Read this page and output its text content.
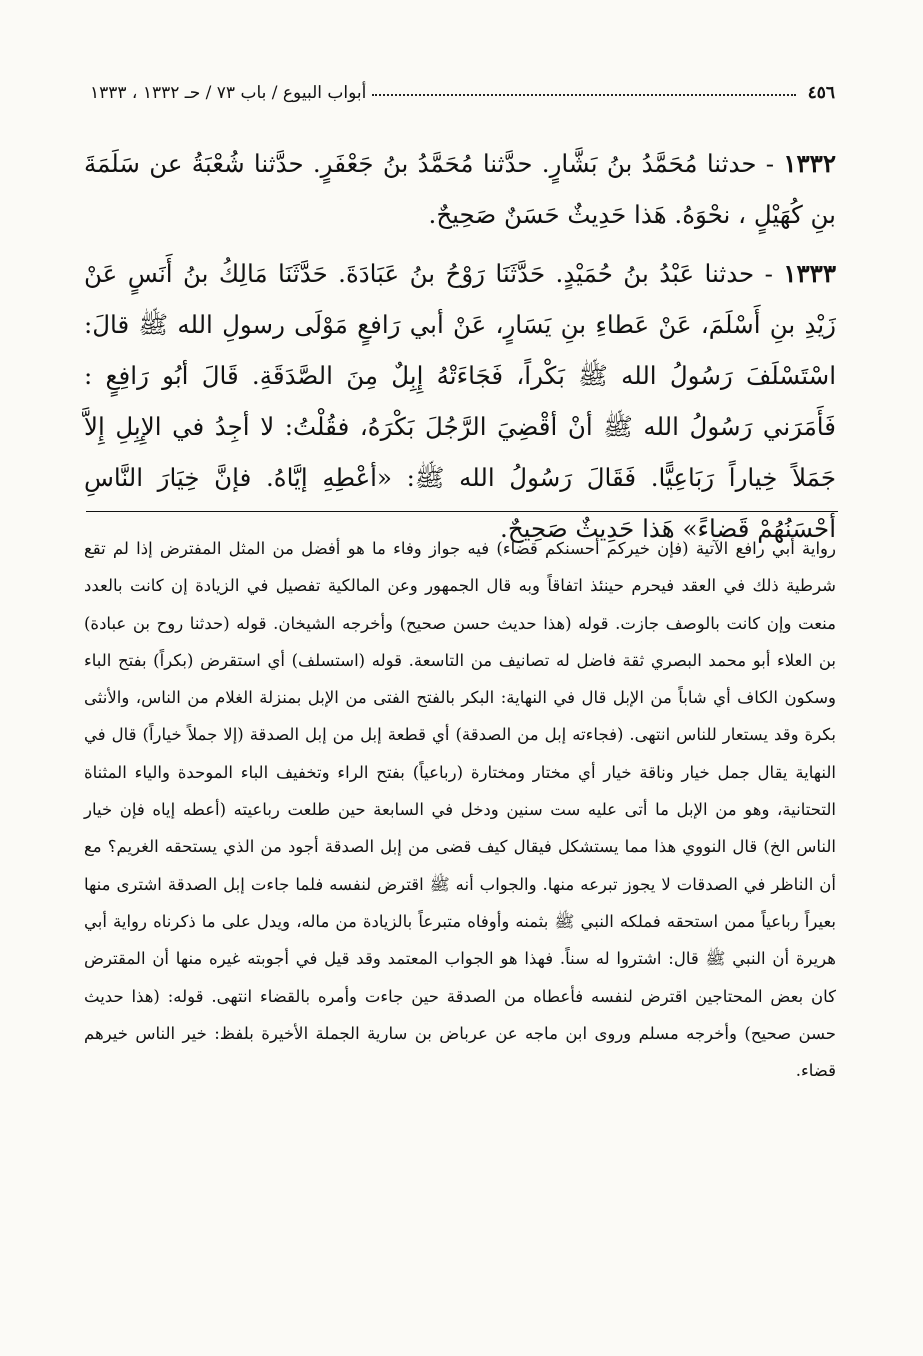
٤٥٦
أبواب البيوع / باب ٧٣ / حـ ١٣٣٢ ، ١٣٣٣

١٣٣٢ - حدثنا مُحَمَّدُ بنُ بَشَّارٍ. حدَّثنا مُحَمَّدُ بنُ جَعْفَرٍ. حدَّثنا شُعْبَةُ عن سَلَمَةَ بنِ كُهَيْلٍ ، نحْوَهُ. هَذا حَدِيثٌ حَسَنٌ صَحِيحٌ.

١٣٣٣ - حدثنا عَبْدُ بنُ حُمَيْدٍ. حَدَّثَنَا رَوْحُ بنُ عَبَادَةَ. حَدَّثَنَا مَالِكُ بنُ أَنَسٍ عَنْ زَيْدِ بنِ أَسْلَمَ، عَنْ عَطاءِ بنِ يَسَارٍ، عَنْ أبي رَافعٍ مَوْلَى رسولِ الله ﷺ قالَ: اسْتَسْلَفَ رَسُولُ الله ﷺ بَكْراً، فَجَاءَتْهُ إِبِلٌ مِنَ الصَّدَقَةِ. قَالَ أبُو رَافِعٍ : فَأَمَرَني رَسُولُ الله ﷺ أنْ أقْضِيَ الرَّجُلَ بَكْرَهُ، فقُلْتُ: لا أجِدُ في الإِبِلِ إِلاَّ جَمَلاً خِياراً رَبَاعِيًّا. فَقَالَ رَسُولُ الله ﷺ: «أعْطِهِ إيَّاهُ. فإنَّ خِيَارَ النَّاسِ أحْسَنُهُمْ قَضاءً» هَذا حَدِيثٌ صَحِيحٌ.

رواية أبي رافع الآتية (فإن خيركم أحسنكم قضاء) فيه جواز وفاء ما هو أفضل من المثل المفترض إذا لم تقع شرطية ذلك في العقد فيحرم حينئذ اتفاقاً وبه قال الجمهور وعن المالكية تفصيل في الزيادة إن كانت بالعدد منعت وإن كانت بالوصف جازت. قوله (هذا حديث حسن صحيح) وأخرجه الشيخان. قوله (حدثنا روح بن عبادة) بن العلاء أبو محمد البصري ثقة فاضل له تصانيف من التاسعة. قوله (استسلف) أي استقرض (بكراً) بفتح الباء وسكون الكاف أي شاباً من الإبل قال في النهاية: البكر بالفتح الفتى من الإبل بمنزلة الغلام من الناس، والأنثى بكرة وقد يستعار للناس انتهى. (فجاءته إبل من الصدقة) أي قطعة إبل من إبل الصدقة (إلا جملاً خياراً) قال في النهاية يقال جمل خيار وناقة خيار أي مختار ومختارة (رباعياً) بفتح الراء وتخفيف الباء الموحدة والياء المثناة التحتانية، وهو من الإبل ما أتى عليه ست سنين ودخل في السابعة حين طلعت رباعيته (أعطه إياه فإن خيار الناس الخ) قال النووي هذا مما يستشكل فيقال كيف قضى من إبل الصدقة أجود من الذي يستحقه الغريم؟ مع أن الناظر في الصدقات لا يجوز تبرعه منها. والجواب أنه ﷺ اقترض لنفسه فلما جاءت إبل الصدقة اشترى منها بعيراً رباعياً ممن استحقه فملكه النبي ﷺ بثمنه وأوفاه متبرعاً بالزيادة من ماله، ويدل على ما ذكرناه رواية أبي هريرة أن النبي ﷺ قال: اشتروا له سناً. فهذا هو الجواب المعتمد وقد قيل في أجوبته غيره منها أن المقترض كان بعض المحتاجين اقترض لنفسه فأعطاه من الصدقة حين جاءت وأمره بالقضاء انتهى. قوله: (هذا حديث حسن صحيح) وأخرجه مسلم وروى ابن ماجه عن عرباض بن سارية الجملة الأخيرة بلفظ: خير الناس خيرهم قضاء.
